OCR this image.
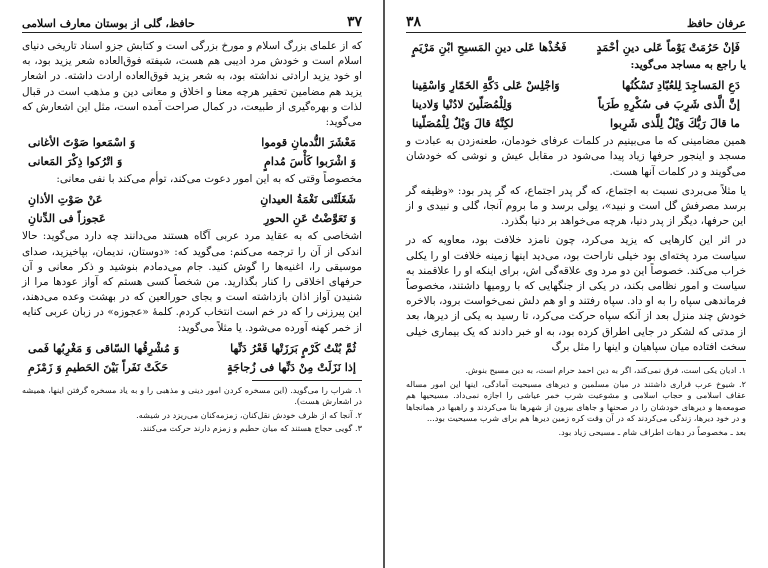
۳۷
حافظ، گلی از بوستان معارف اسلامی

که از علمای بزرگ اسلام و مورخ بزرگی است و کتابش جزو اسناد تاریخی دنیای اسلام است و خودش مرد ادیبی هم هست، شیفته فوق‌العاده شعر یزید بود، به او خود یزید ارادتی نداشته بود، به شعر یزید فوق‌العاده ارادت داشته. در اشعار یزید هم مضامین تحقیر هرچه معنا و اخلاق و معانی دین و مذهب است در قبال لذات و بهره‌گیری از طبیعت، در کمال صراحت آمده است، مثل این اشعارش که می‌گوید:

مَعْشَرَ النُّدمانِ قوموا
وَ اسْمَعوا صَوْتَ الأغانی
وَ اشْرَبوا كَأْسَ مُدامٍ
وَ اتْرُكوا ذِكْرَ المَعانی

مخصوصاً وقتی که به این امور دعوت می‌کند، توأم می‌کند با نفی معانی:

شَغَلَتْنی نَغْمَةُ العیدانِ
عَنْ صَوْتِ الأذانِ
وَ تَعَوَّضْتُ عَنِ الحورِ
عَجوزاً فی الدِّنانِ

اشخاصی که به عقاید مرد عربی آگاه هستند می‌دانند چه دارد می‌گوید: حالا اندکی از آن را ترجمه می‌کنم: می‌گوید که: «دوستان، ندیمان، بپاخیزید، صدای موسیقی را، اغنیه‌ها را گوش کنید. جام می‌دمادم بنوشید و ذکر معانی و آن حرفهای اخلاقی را کنار بگذارید. من شخصاً کسی هستم که آواز عودها مرا از شنیدن آواز اذان بازداشته است و بجای حورالعین که در بهشت وعده می‌دهند، این پیرزنی را که در خم است انتخاب کردم. کلمهٔ «عجوزه» در زبان عربی کنایه از خمر کهنه آورده می‌شود. یا مثلاً می‌گوید:

ثُمَّ بُنْتُ كَرْمٍ بَرَزَتْها قَعْرُ دَنِّها
وَ مُشْرِقُها السّاقی وَ مَغْرِبُها فَمی
إذا نَزَلَتْ مِنْ دَنِّها فی زُجاجَةٍ
حَكَتْ نَفَراً بَیْنَ الحَطیمِ وَ زَمْزَمِ

۱. شراب را می‌گوید. (این مسخره کردن امور دینی و مذهبی را و به یاد مسخره گرفتن اینها، همیشه در اشعارش هست).

۲. آنجا که از ظرف خودش نقل‌کنان، زمزمه‌کنان می‌ریزد در شیشه.

۳. گویی حجاج هستند که میان حطیم و زمزم دارند حرکت می‌کنند.

عرفان حافظ
۳۸
فَإنْ حَرُمَتْ یَوْماً عَلی دینِ أحْمَدٍ
فَخُذْها عَلی دینِ المَسیحِ ابْنِ مَرْیَمٍ

یا راجع به مساجد می‌گوید:

دَعِ المَساجِدَ لِلعُبّادِ تَسْكُنُها
وَاجْلِسْ عَلی دَكَّةِ الخَمّارِ وَاسْقِینا
إنَّ الَّذی شَرِبَ فی سُكْرِهِ طَرَباً
وَلِلْمُصَلّینَ لادُنْیا وَلادینا
ما قالَ رَبُّكَ وَیْلٌ لِلَّذی شَرِبوا
لكِنَّهُ قالَ وَیْلٌ لِلْمُصَلّینا

همین مضامینی که ما می‌بینیم در کلمات عرفای خودمان، طعنه‌زدن به عبادت و مسجد و اینجور حرفها زیاد پیدا می‌شود در مقابل عیش و نوشی که خودشان می‌گویند و در کلمات آنها هست.

یا مثلاً می‌بردی نسبت به اجتماع، که گر پدر اجتماع، که گر پدر بود: «وظیفه گر برسد مصرفش گل است و نبید»، یولی برسد و ما بروم آنجا، گلی و نبیدی و از این حرفها، دیگر از پدر دنیا، هرچه می‌خواهد بر دنیا بگذرد.

در اثر این کارهایی که یزید می‌کرد، چون نامزد خلافت بود، معاویه که در سیاست مرد پخته‌ای بود خیلی ناراحت بود، می‌دید اینها زمینه خلافت او را یکلی خراب می‌کند. خصوصاً این دو مرد وی علاقه‌گی اش، برای اینکه او را علاقمند به سیاست و امور نظامی بکند، در یکی از جنگهایی که با رومیها داشتند، مخصوصاً فرماندهی سپاه را به او داد. سپاه رفتند و او هم دلش نمی‌خواست برود، بالاخره خودش چند منزل بعد از آنکه سپاه حرکت می‌کرد، تا رسید به یکی از دیرها، بعد از مدتی که لشکر در جایی اطراق کرده بود، به او خبر دادند که یک بیماری خیلی سخت افتاده میان سپاهیان و اینها را مثل برگ

۱. ادیان یکی است، فرق نمی‌کند، اگر به دین احمد حرام است، به دین مسیح بنوش.

۲. شیوخ عرب قراری داشتند در میان مسلمین و دیرهای مسیحیت آمادگی، اینها این امور مساله عقاف اسلامی و حجاب اسلامی و مشوعیت شرب خمر عیاشی را اجازه نمی‌داد. مسیحیها هم صومعه‌ها و دیرهای خودشان را در صحنها و جاهای بیرون از شهرها بنا می‌کردند و راهبها در همانجاها و در خود دیرها، زندگی می‌کردند که در آن وقت کره زمین دیرها هم برای شرب مسیحیت بود...

بعد ـ مخصوصاً در دهات اطراف شام ـ مسیحی زیاد بود.
